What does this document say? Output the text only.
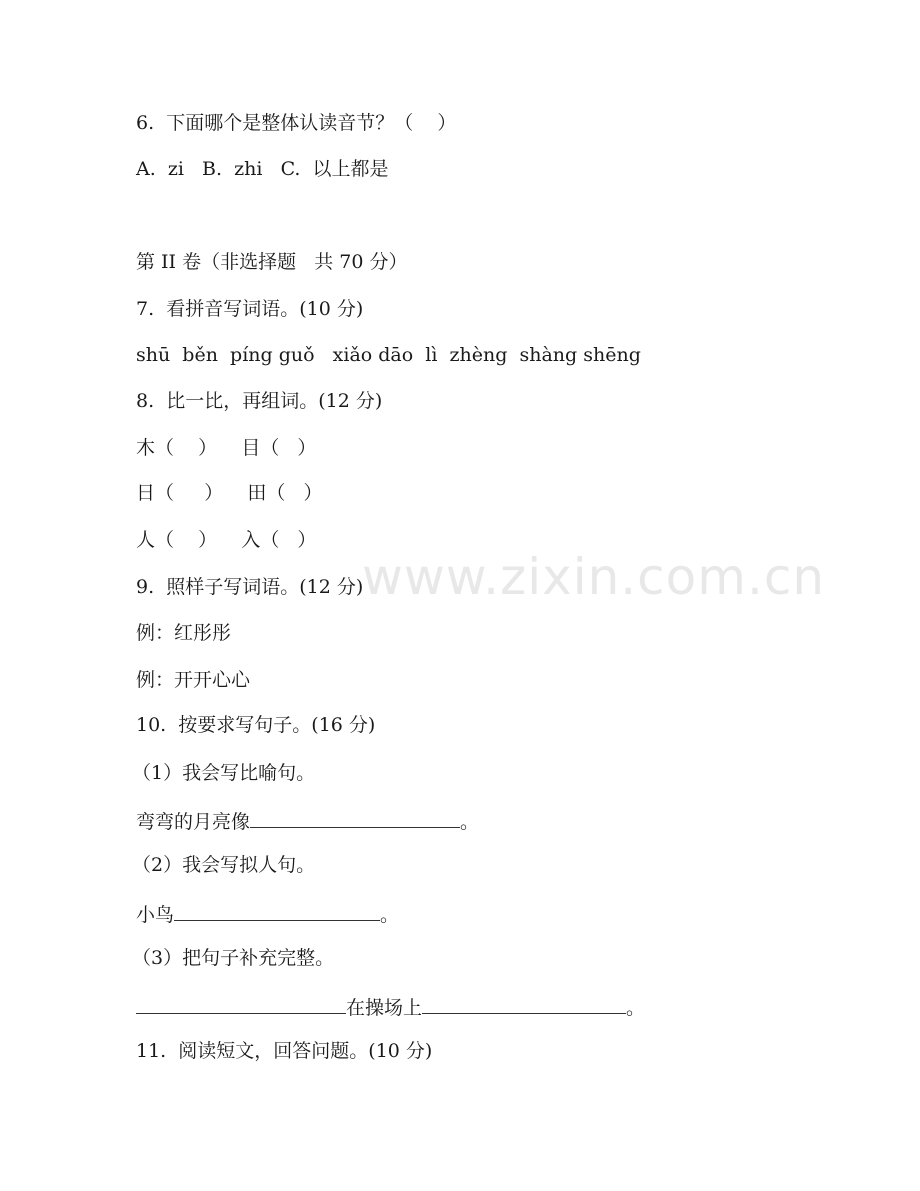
www.zixin.com.cn
6.  下面哪个是整体认读音节？（    ）
A.  zi   B.  zhi   C.  以上都是
第 II 卷（非选择题   共 70 分）
7.  看拼音写词语。(10 分)
shū  běn  píng guǒ   xiǎo dāo  lì  zhèng  shàng shēng
8.  比一比，再组词。(12 分)
木（    ）    目（   ）
日（     ）    田（   ）
人（    ）    入（   ）
9.  照样子写词语。(12 分)
例：红彤彤
例：开开心心
10.  按要求写句子。(16 分)
（1）我会写比喻句。
弯弯的月亮像	。
（2）我会写拟人句。
小鸟	。
（3）把句子补充完整。
在操场上	。
11.  阅读短文，回答问题。(10 分)
